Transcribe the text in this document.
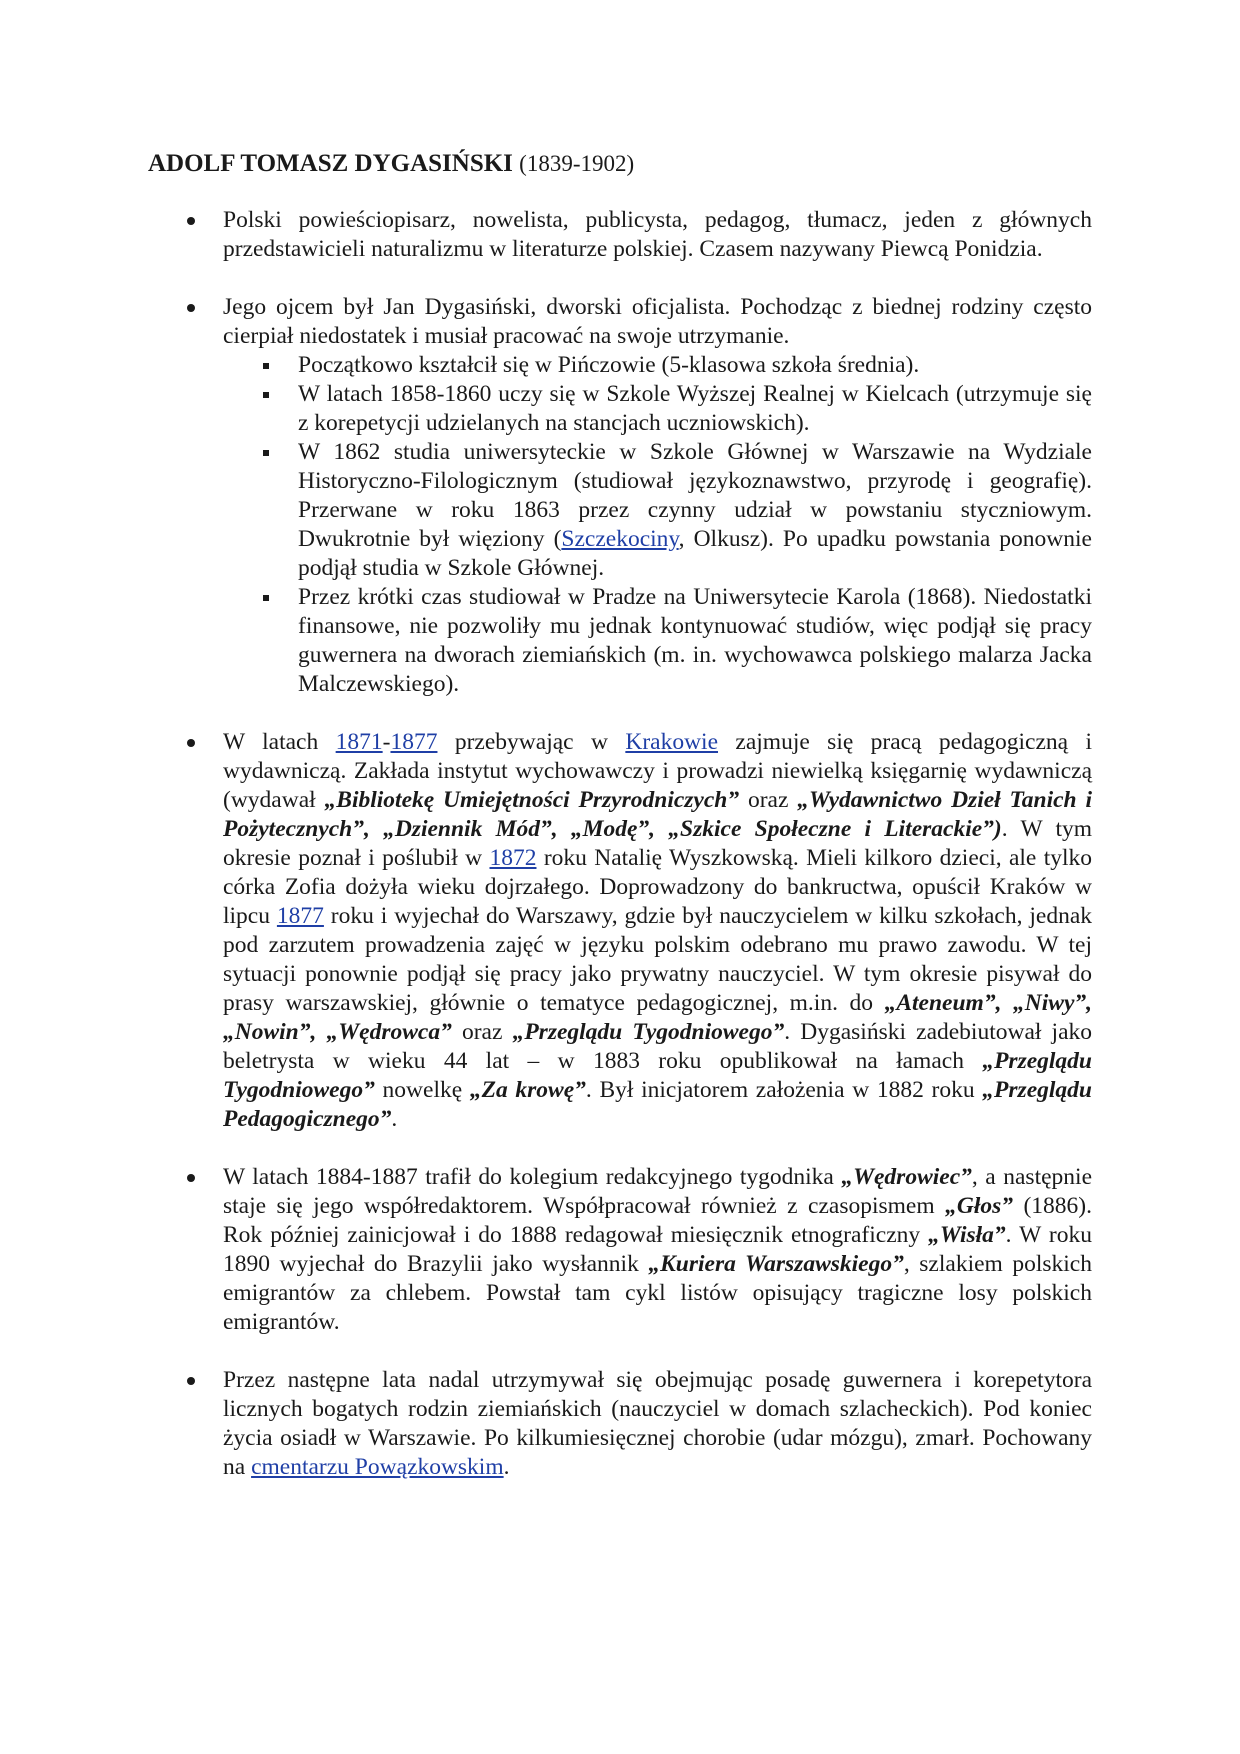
ADOLF TOMASZ DYGASIŃSKI (1839-1902)
Polski powieściopisarz, nowelista, publicysta, pedagog, tłumacz, jeden z głównych przedstawicieli naturalizmu w literaturze polskiej. Czasem nazywany Piewcą Ponidzia.
Jego ojcem był Jan Dygasiński, dworski oficjalista. Pochodząc z biednej rodziny często cierpiał niedostatek i musiał pracować na swoje utrzymanie.
Początkowo kształcił się w Pińczowie (5-klasowa szkoła średnia).
W latach 1858-1860 uczy się w Szkole Wyższej Realnej w Kielcach (utrzymuje się z korepetycji udzielanych na stancjach uczniowskich).
W 1862 studia uniwersyteckie w Szkole Głównej w Warszawie na Wydziale Historyczno-Filologicznym (studiował językoznawstwo, przyrodę i geografię). Przerwane w roku 1863 przez czynny udział w powstaniu styczniowym. Dwukrotnie był więziony (Szczekociny, Olkusz). Po upadku powstania ponownie podjął studia w Szkole Głównej.
Przez krótki czas studiował w Pradze na Uniwersytecie Karola (1868). Niedostatki finansowe, nie pozwoliły mu jednak kontynuować studiów, więc podjął się pracy guwernera na dworach ziemiańskich (m. in. wychowawca polskiego malarza Jacka Malczewskiego).
W latach 1871-1877 przebywając w Krakowie zajmuje się pracą pedagogiczną i wydawniczą. Zakłada instytut wychowawczy i prowadzi niewielką księgarnię wydawniczą (wydawał „Bibliotekę Umiejętności Przyrodniczych” oraz „Wydawnictwo Dzieł Tanich i Pożytecznych”, „Dziennik Mód”, „Modę”, „Szkice Społeczne i Literackie”). W tym okresie poznał i poślubił w 1872 roku Natalię Wyszkowską. Mieli kilkoro dzieci, ale tylko córka Zofia dożyła wieku dojrzałego. Doprowadzony do bankructwa, opuścił Kraków w lipcu 1877 roku i wyjechał do Warszawy, gdzie był nauczycielem w kilku szkołach, jednak pod zarzutem prowadzenia zajęć w języku polskim odebrano mu prawo zawodu. W tej sytuacji ponownie podjął się pracy jako prywatny nauczyciel. W tym okresie pisywał do prasy warszawskiej, głównie o tematyce pedagogicznej, m.in. do „Ateneum”, „Niwy”, „Nowin”, „Wędrowca” oraz „Przeglądu Tygodniowego”. Dygasiński zadebiutował jako beletrysta w wieku 44 lat – w 1883 roku opublikował na łamach „Przeglądu Tygodniowego” nowelkę „Za krowę”. Był inicjatorem założenia w 1882 roku „Przeglądu Pedagogicznego”.
W latach 1884-1887 trafił do kolegium redakcyjnego tygodnika „Wędrowiec”, a następnie staje się jego współredaktorem. Współpracował również z czasopismem „Głos” (1886). Rok później zainicjował i do 1888 redagował miesięcznik etnograficzny „Wisła”. W roku 1890 wyjechał do Brazylii jako wysłannik „Kuriera Warszawskiego”, szlakiem polskich emigrantów za chlebem. Powstał tam cykl listów opisujący tragiczne losy polskich emigrantów.
Przez następne lata nadal utrzymywał się obejmując posadę guwernera i korepetytora licznych bogatych rodzin ziemiańskich (nauczyciel w domach szlacheckich). Pod koniec życia osiadł w Warszawie. Po kilkumiesięcznej chorobie (udar mózgu), zmarł. Pochowany na cmentarzu Powązkowskim.
